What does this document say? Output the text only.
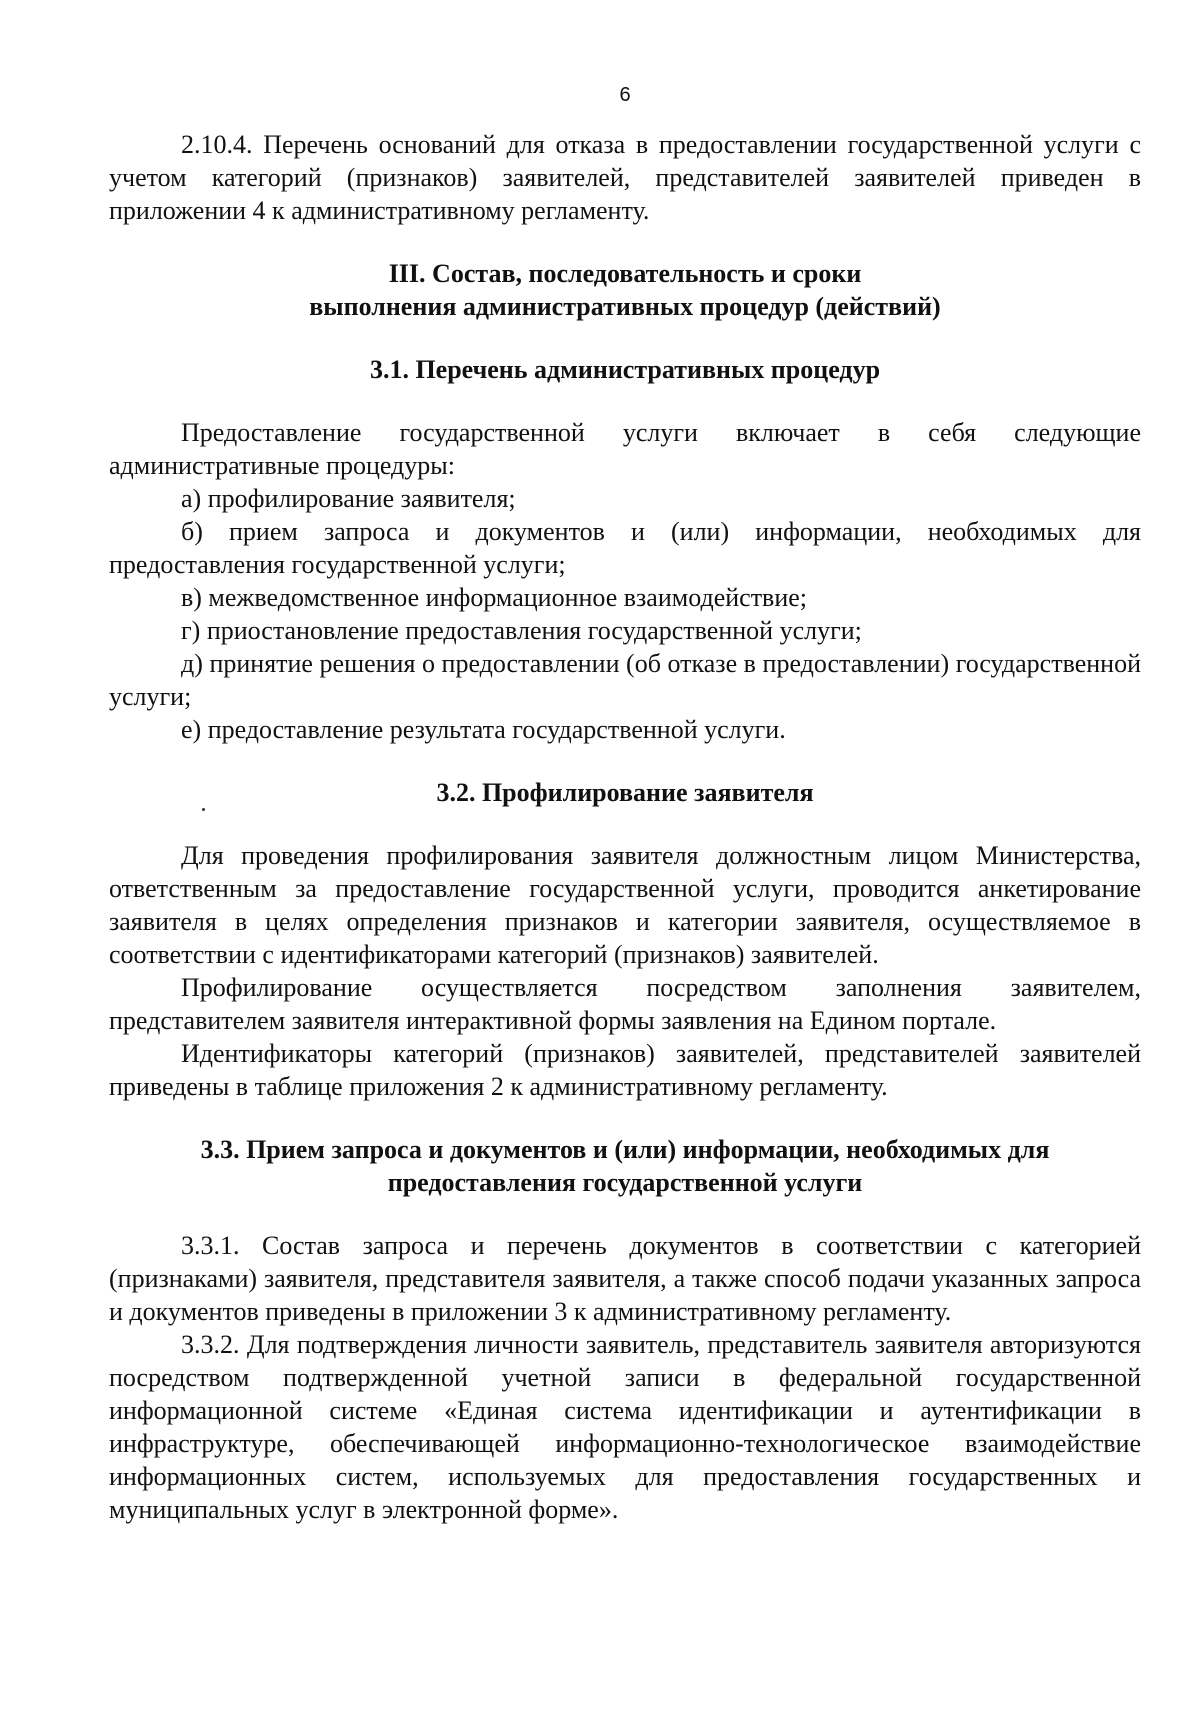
6

2.10.4. Перечень оснований для отказа в предоставлении государственной услуги с учетом категорий (признаков) заявителей, представителей заявителей приведен в приложении 4 к административному регламенту.

III. Состав, последовательность и сроки
выполнения административных процедур (действий)
3.1. Перечень административных процедур

Предоставление государственной услуги включает в себя следующие административные процедуры:

а) профилирование заявителя;

б) прием запроса и документов и (или) информации, необходимых для предоставления государственной услуги;

в) межведомственное информационное взаимодействие;

г) приостановление предоставления государственной услуги;

д) принятие решения о предоставлении (об отказе в предоставлении) государственной услуги;

е) предоставление результата государственной услуги.

3.2. Профилирование заявителя

Для проведения профилирования заявителя должностным лицом Министерства, ответственным за предоставление государственной услуги, проводится анкетирование заявителя в целях определения признаков и категории заявителя, осуществляемое в соответствии с идентификаторами категорий (признаков) заявителей.

Профилирование осуществляется посредством заполнения заявителем, представителем заявителя интерактивной формы заявления на Едином портале.

Идентификаторы категорий (признаков) заявителей, представителей заявителей приведены в таблице приложения 2 к административному регламенту.

3.3. Прием запроса и документов и (или) информации, необходимых для
предоставления государственной услуги

3.3.1. Состав запроса и перечень документов в соответствии с категорией (признаками) заявителя, представителя заявителя, а также способ подачи указанных запроса и документов приведены в приложении 3 к административному регламенту.

3.3.2. Для подтверждения личности заявитель, представитель заявителя авторизуются посредством подтвержденной учетной записи в федеральной государственной информационной системе «Единая система идентификации и аутентификации в инфраструктуре, обеспечивающей информационно-технологическое взаимодействие информационных систем, используемых для предоставления государственных и муниципальных услуг в электронной форме».
